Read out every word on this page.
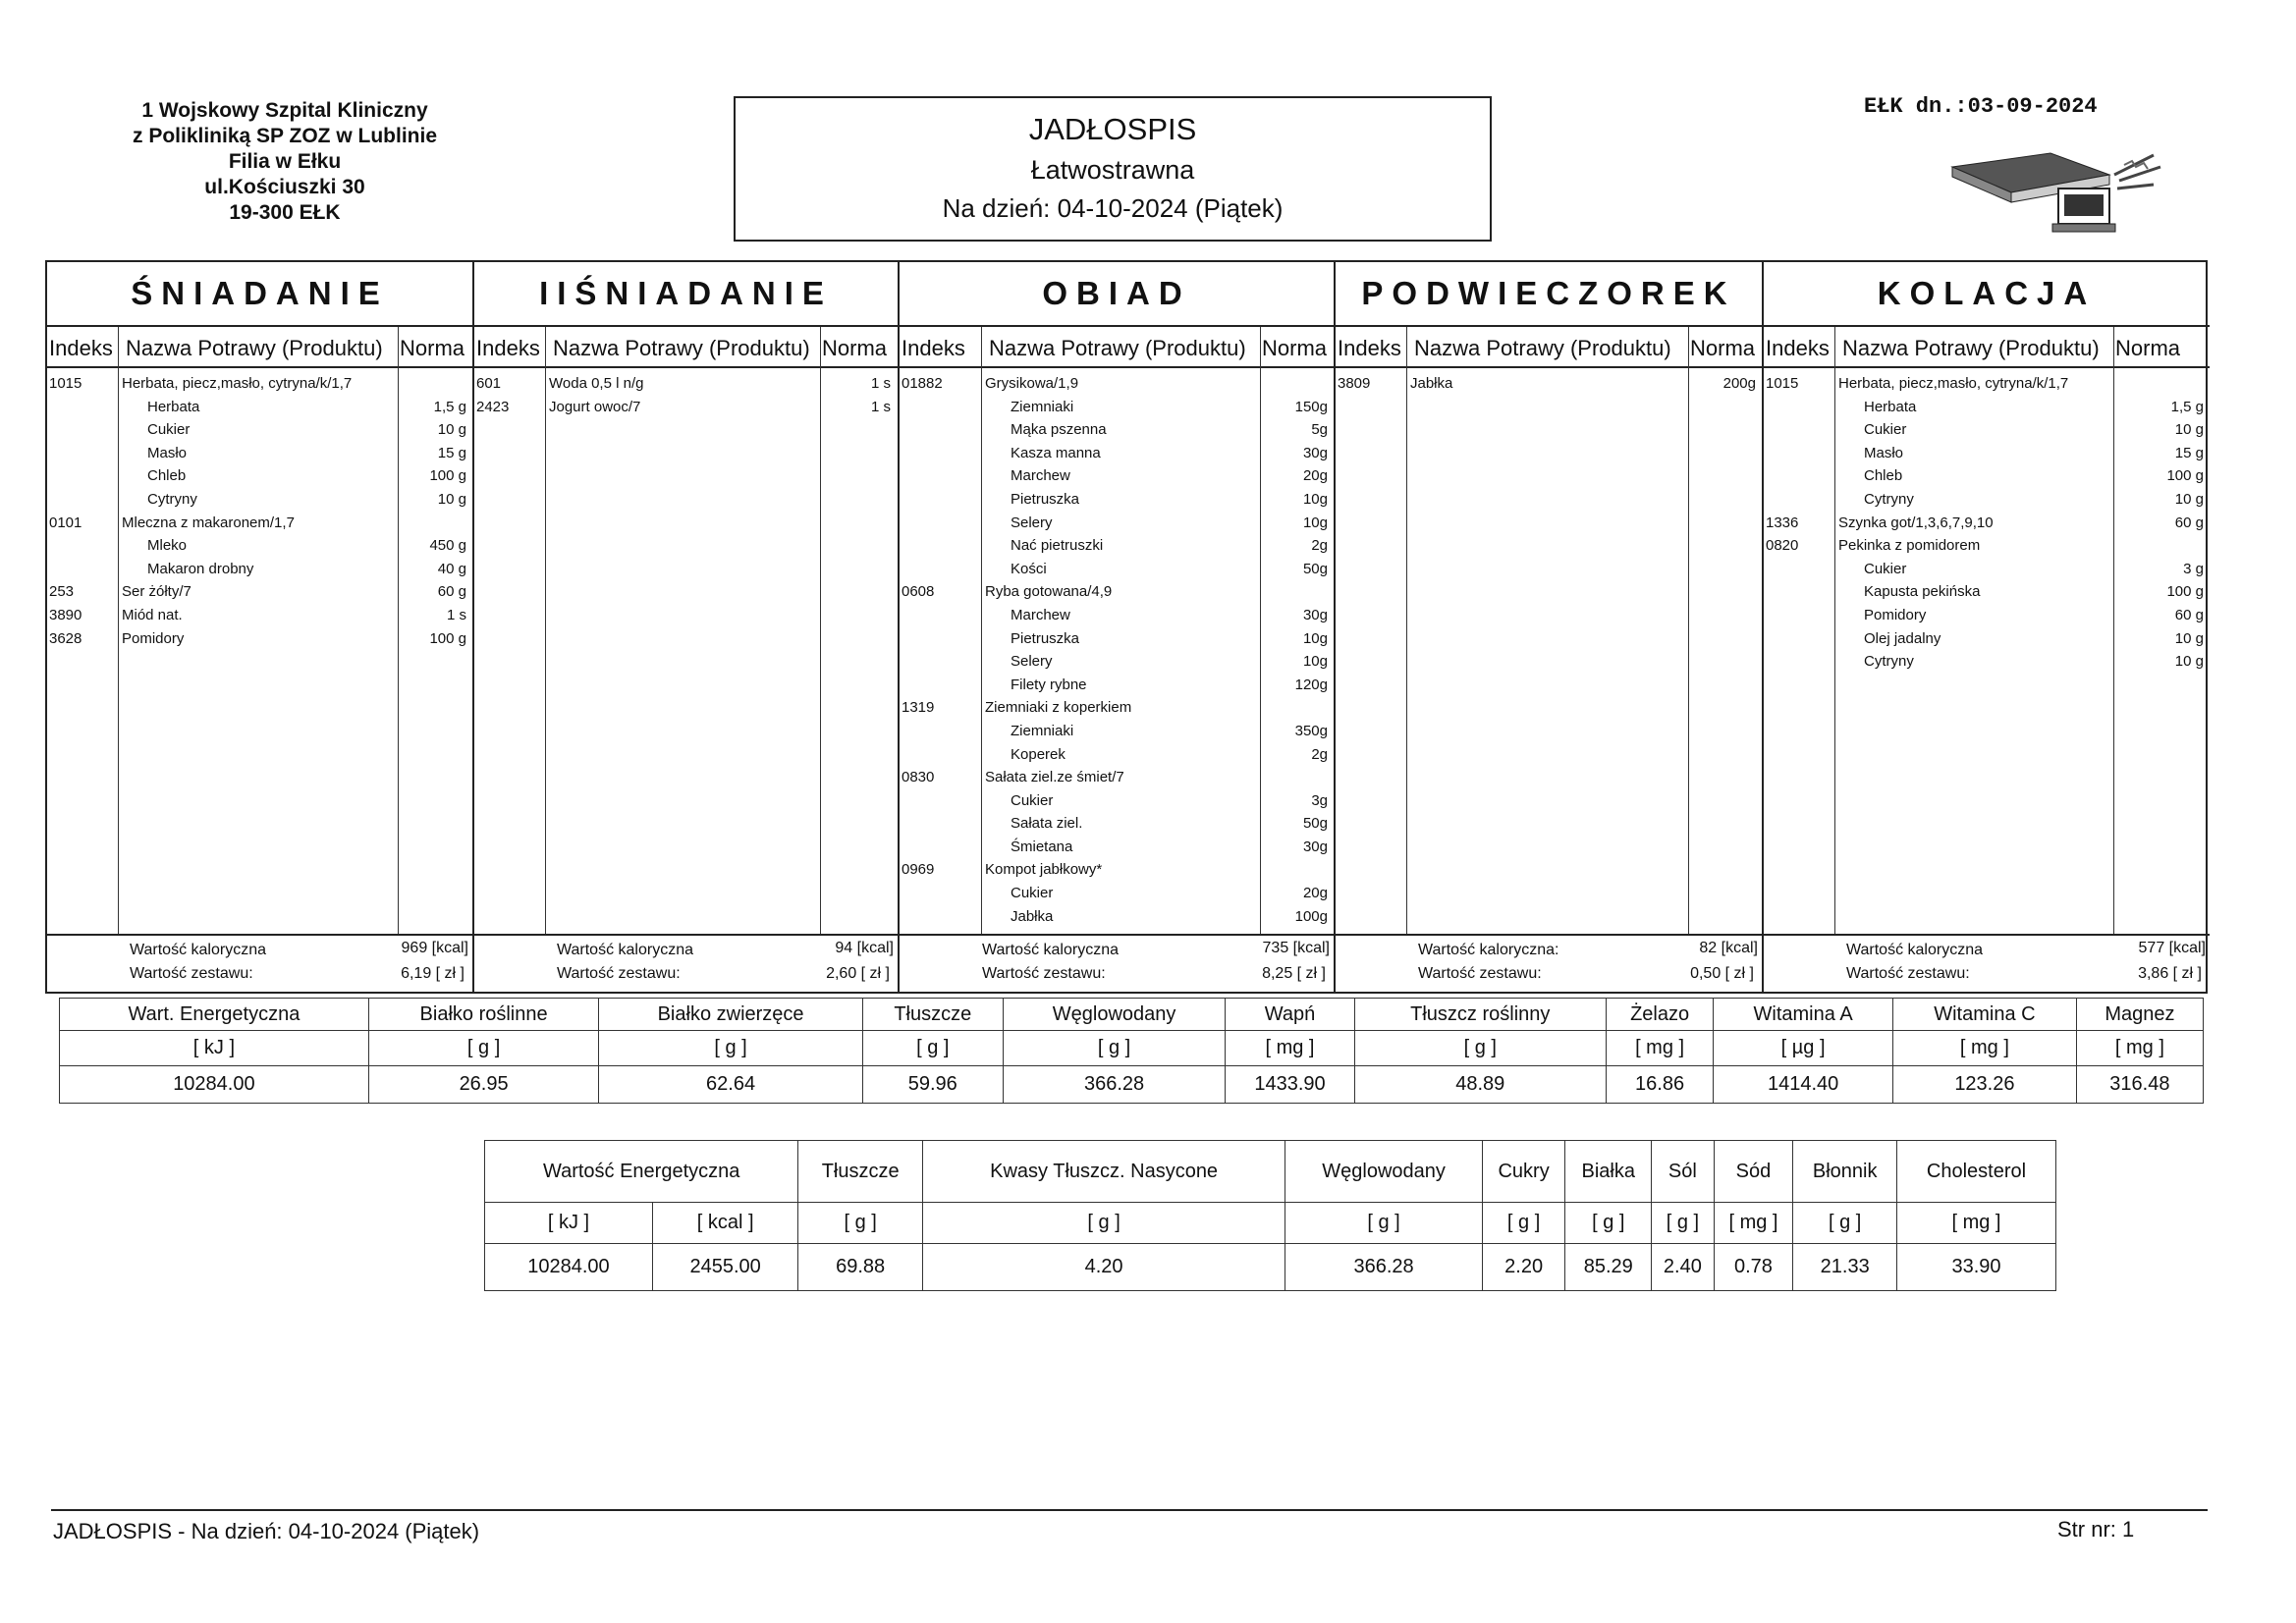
1 Wojskowy Szpital Kliniczny
z Polikliniką SP ZOZ w Lublinie
Filia w Ełku
ul.Kościuszki 30
19-300 EŁK
JADŁOSPIS
Łatwostrawna
Na dzień: 04-10-2024 (Piątek)
EŁK dn.:03-09-2024
ŚNIADANIE
Indeks Nazwa Potrawy (Produktu) Norma
1015	Herbata, piecz,masło, cytryna/k/1,7
Herbata	1,5 g
Cukier	10 g
Masło	15 g
Chleb	100 g
Cytryny	10 g
0101	Mleczna z makaronem/1,7
Mleko	450 g
Makaron drobny	40 g
253	Ser żółty/7	60 g
3890	Miód nat.	1 s
3628	Pomidory	100 g
Wartość kaloryczna	969 [kcal]
Wartość zestawu:	6,19 [ zł ]
IIŚNIADANIE
Indeks Nazwa Potrawy (Produktu) Norma
601	Woda 0,5 l n/g	1 s
2423	Jogurt owoc/7	1 s
Wartość kaloryczna	94 [kcal]
Wartość zestawu:	2,60 [ zł ]
OBIAD
Indeks Nazwa Potrawy (Produktu) Norma
01882	Grysikowa/1,9
Ziemniaki	150g
Mąka pszenna	5g
Kasza manna	30g
Marchew	20g
Pietruszka	10g
Selery	10g
Nać pietruszki	2g
Kości	50g
0608	Ryba gotowana/4,9
Marchew	30g
Pietruszka	10g
Selery	10g
Filety rybne	120g
1319	Ziemniaki z koperkiem
Ziemniaki	350g
Koperek	2g
0830	Sałata ziel.ze śmiet/7
Cukier	3g
Sałata ziel.	50g
Śmietana	30g
0969	Kompot jabłkowy*
Cukier	20g
Jabłka	100g
Wartość kaloryczna	735 [kcal]
Wartość zestawu:	8,25 [ zł ]
PODWIECZOREK
Indeks Nazwa Potrawy (Produktu) Norma
3809	Jabłka	200g
Wartość kaloryczna:	82 [kcal]
Wartość zestawu:	0,50 [ zł ]
KOLACJA
Indeks Nazwa Potrawy (Produktu) Norma
1015	Herbata, piecz,masło, cytryna/k/1,7
Herbata	1,5 g
Cukier	10 g
Masło	15 g
Chleb	100 g
Cytryny	10 g
1336	Szynka got/1,3,6,7,9,10	60 g
0820	Pekinka z pomidorem
Cukier	3 g
Kapusta pekińska	100 g
Pomidory	60 g
Olej jadalny	10 g
Cytryny	10 g
Wartość kaloryczna	577 [kcal]
Wartość zestawu:	3,86 [ zł ]
Wart. Energetyczna	Białko roślinne	Białko zwierzęce	Tłuszcze	Węglowodany	Wapń	Tłuszcz roślinny	Żelazo	Witamina A	Witamina C	Magnez
[ kJ ]	[ g ]	[ g ]	[ g ]	[ g ]	[ mg ]	[ g ]	[ mg ]	[ µg ]	[ mg ]	[ mg ]
10284.00	26.95	62.64	59.96	366.28	1433.90	48.89	16.86	1414.40	123.26	316.48
Wartość Energetyczna		Tłuszcze	Kwasy Tłuszcz. Nasycone	Węglowodany	Cukry	Białka	Sól	Sód	Błonnik	Cholesterol
[ kJ ]	[ kcal ]	[ g ]	[ g ]	[ g ]	[ g ]	[ g ]	[ g ]	[ mg ]	[ g ]	[ mg ]
10284.00	2455.00	69.88	4.20	366.28	2.20	85.29	2.40	0.78	21.33	33.90
JADŁOSPIS - Na dzień: 04-10-2024 (Piątek)	Str nr: 1
